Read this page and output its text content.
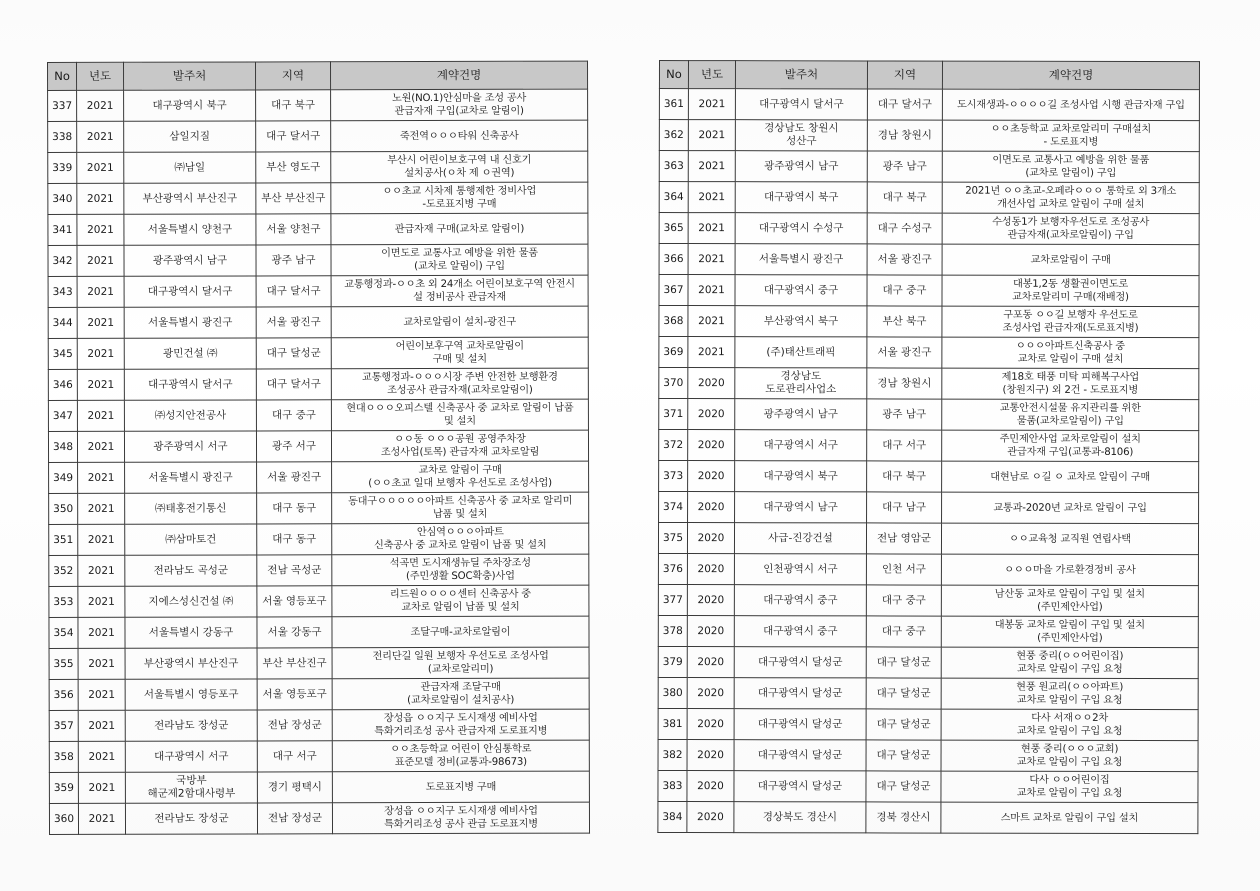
No	년도	발주처	지역	계약건명
337	2021	대구광역시 북구	대구 북구	노원(NO.1)안심마을 조성 공사
관급자재 구입(교차로 알림이)
338	2021	삼일지질	대구 달서구	죽전역ㅇㅇㅇ타워 신축공사
339	2021	㈜남일	부산 영도구	부산시 어린이보호구역 내 신호기
설치공사(ㅇ차 제 ㅇ권역)
340	2021	부산광역시 부산진구	부산 부산진구	ㅇㅇ초교 시차제 통행제한 정비사업
-도로표지병 구매
341	2021	서울특별시 양천구	서울 양천구	관급자재 구매(교차로 알림이)
342	2021	광주광역시 남구	광주 남구	이면도로 교통사고 예방을 위한 물품
(교차로 알림이) 구입
343	2021	대구광역시 달서구	대구 달서구	교통행정과-ㅇㅇ초 외 24개소 어린이보호구역 안전시
설 정비공사 관급자재
344	2021	서울특별시 광진구	서울 광진구	교차로알림이 설치-광진구
345	2021	광민건설 ㈜	대구 달성군	어린이보후구역 교차로알림이
구매 및 설치
346	2021	대구광역시 달서구	대구 달서구	교통행정과-ㅇㅇㅇ시장 주변 안전한 보행환경
조성공사 관급자재(교차로알림이)
347	2021	㈜성지안전공사	대구 중구	현대ㅇㅇㅇ오피스텔 신축공사 중 교차로 알림이 납품
및 설치
348	2021	광주광역시 서구	광주 서구	ㅇㅇ동 ㅇㅇㅇ공원 공영주차장
조성사업(토목) 관급자재 교차로알림
349	2021	서울특별시 광진구	서울 광진구	교차로 알림이 구매
(ㅇㅇ초교 일대 보행자 우선도로 조성사업)
350	2021	㈜태홍전기통신	대구 동구	동대구ㅇㅇㅇㅇㅇ아파트 신축공사 중 교차로 알리미
납품 및 설치
351	2021	㈜삼마토건	대구 동구	안심역ㅇㅇㅇ아파트
신축공사 중 교차로 알림이 납품 및 설치
352	2021	전라남도 곡성군	전남 곡성군	석곡면 도시재생뉴딜 주차장조성
(주민생활 SOC확충)사업
353	2021	지에스성신건설 ㈜	서울 영등포구	리드원ㅇㅇㅇㅇ센터 신축공사 중
교차로 알림이 납품 및 설치
354	2021	서울특별시 강동구	서울 강동구	조달구매-교차로알림이
355	2021	부산광역시 부산진구	부산 부산진구	전리단길 일원 보행자 우선도로 조성사업
(교차로알리미)
356	2021	서울특별시 영등포구	서울 영등포구	관급자재 조달구매
(교차로알림이 설치공사)
357	2021	전라남도 장성군	전남 장성군	장성읍 ㅇㅇ지구 도시재생 예비사업
특화거리조성 공사 관급자재 도로표지병
358	2021	대구광역시 서구	대구 서구	ㅇㅇ초등학교 어린이 안심통학로
표준모델 정비(교통과-98673)
359	2021	국방부
해군제2함대사령부	경기 평택시	도로표지병 구매
360	2021	전라남도 장성군	전남 장성군	장성읍 ㅇㅇ지구 도시재생 예비사업
특화거리조성 공사 관급 도로표지병
No	년도	발주처	지역	계약건명
361	2021	대구광역시 달서구	대구 달서구	도시재생과-ㅇㅇㅇㅇ길 조성사업 시행 관급자재 구입
362	2021	경상남도 창원시
성산구	경남 창원시	ㅇㅇ초등학교 교차로알리미 구매설치
- 도로표지병
363	2021	광주광역시 남구	광주 남구	이면도로 교통사고 예방을 위한 물품
(교차로 알림이) 구입
364	2021	대구광역시 북구	대구 북구	2021년 ㅇㅇ초교-오페라ㅇㅇㅇ 통학로 외 3개소
개선사업 교차로 알림이 구매 설치
365	2021	대구광역시 수성구	대구 수성구	수성동1가 보행자우선도로 조성공사
관급자재(교차로알림이) 구입
366	2021	서울특별시 광진구	서울 광진구	교차로알림이 구매
367	2021	대구광역시 중구	대구 중구	대봉1,2동 생활권이면도로
교차로알리미 구매(재배정)
368	2021	부산광역시 북구	부산 북구	구포동 ㅇㅇ길 보행자 우선도로
조성사업 관급자재(도로표지병)
369	2021	(주)태산트래픽	서울 광진구	ㅇㅇㅇ아파트신축공사 중
교차로 알림이 구매 설치
370	2020	경상남도
도로관리사업소	경남 창원시	제18호 태풍 미탁 피해복구사업
(창원지구) 외 2건 - 도로표지병
371	2020	광주광역시 남구	광주 남구	교통안전시설물 유지관리를 위한
물품(교차로알림이) 구입
372	2020	대구광역시 서구	대구 서구	주민제안사업 교차로알림이 설치
관급자재 구입(교통과-8106)
373	2020	대구광역시 북구	대구 북구	대현남로 ㅇ길 ㅇ 교차로 알림이 구매
374	2020	대구광역시 남구	대구 남구	교통과-2020년 교차로 알림이 구입
375	2020	사급-진강건설	전남 영암군	ㅇㅇ교육청 교직원 연립사택
376	2020	인천광역시 서구	인천 서구	ㅇㅇㅇ마을 가로환경정비 공사
377	2020	대구광역시 중구	대구 중구	남산동 교차로 알림이 구입 및 설치
(주민제안사업)
378	2020	대구광역시 중구	대구 중구	대봉동 교차로 알림이 구입 및 설치
(주민제안사업)
379	2020	대구광역시 달성군	대구 달성군	현풍 중리(ㅇㅇ어린이집)
교차로 알림이 구입 요청
380	2020	대구광역시 달성군	대구 달성군	현풍 원교리(ㅇㅇ아파트)
교차로 알림이 구입 요청
381	2020	대구광역시 달성군	대구 달성군	다사 서재ㅇㅇ2차
교차로 알림이 구입 요청
382	2020	대구광역시 달성군	대구 달성군	현풍 중리(ㅇㅇㅇ교회)
교차로 알림이 구입 요청
383	2020	대구광역시 달성군	대구 달성군	다사 ㅇㅇ어린이집
교차로 알림이 구입 요청
384	2020	경상북도 경산시	경북 경산시	스마트 교차로 알림이 구입 설치
